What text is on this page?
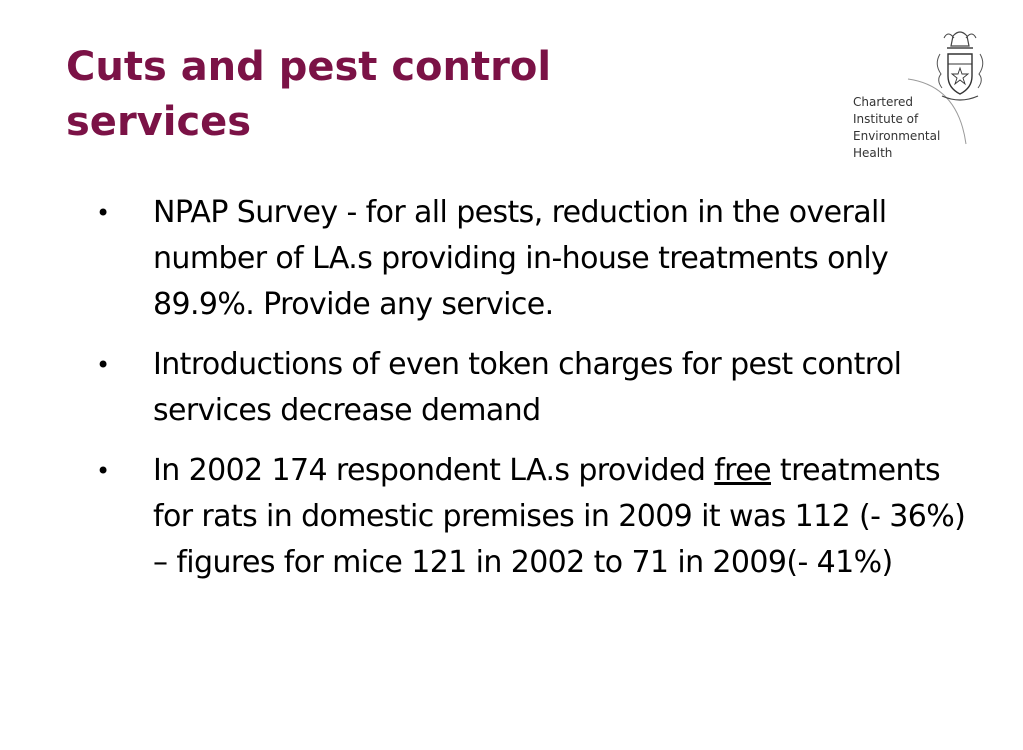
Cuts and pest control
services	Chartered
Institute of
Environmental
Health
• NPAP Survey - for all pests, reduction in the overall number of LA.s providing in-house treatments only 89.9%. Provide any service.
• Introductions of even token charges for pest control services decrease demand
• In 2002 174 respondent LA.s provided free treatments for rats in domestic premises in 2009 it was 112 (- 36%) – figures for mice 121 in 2002 to 71 in 2009(- 41%)
